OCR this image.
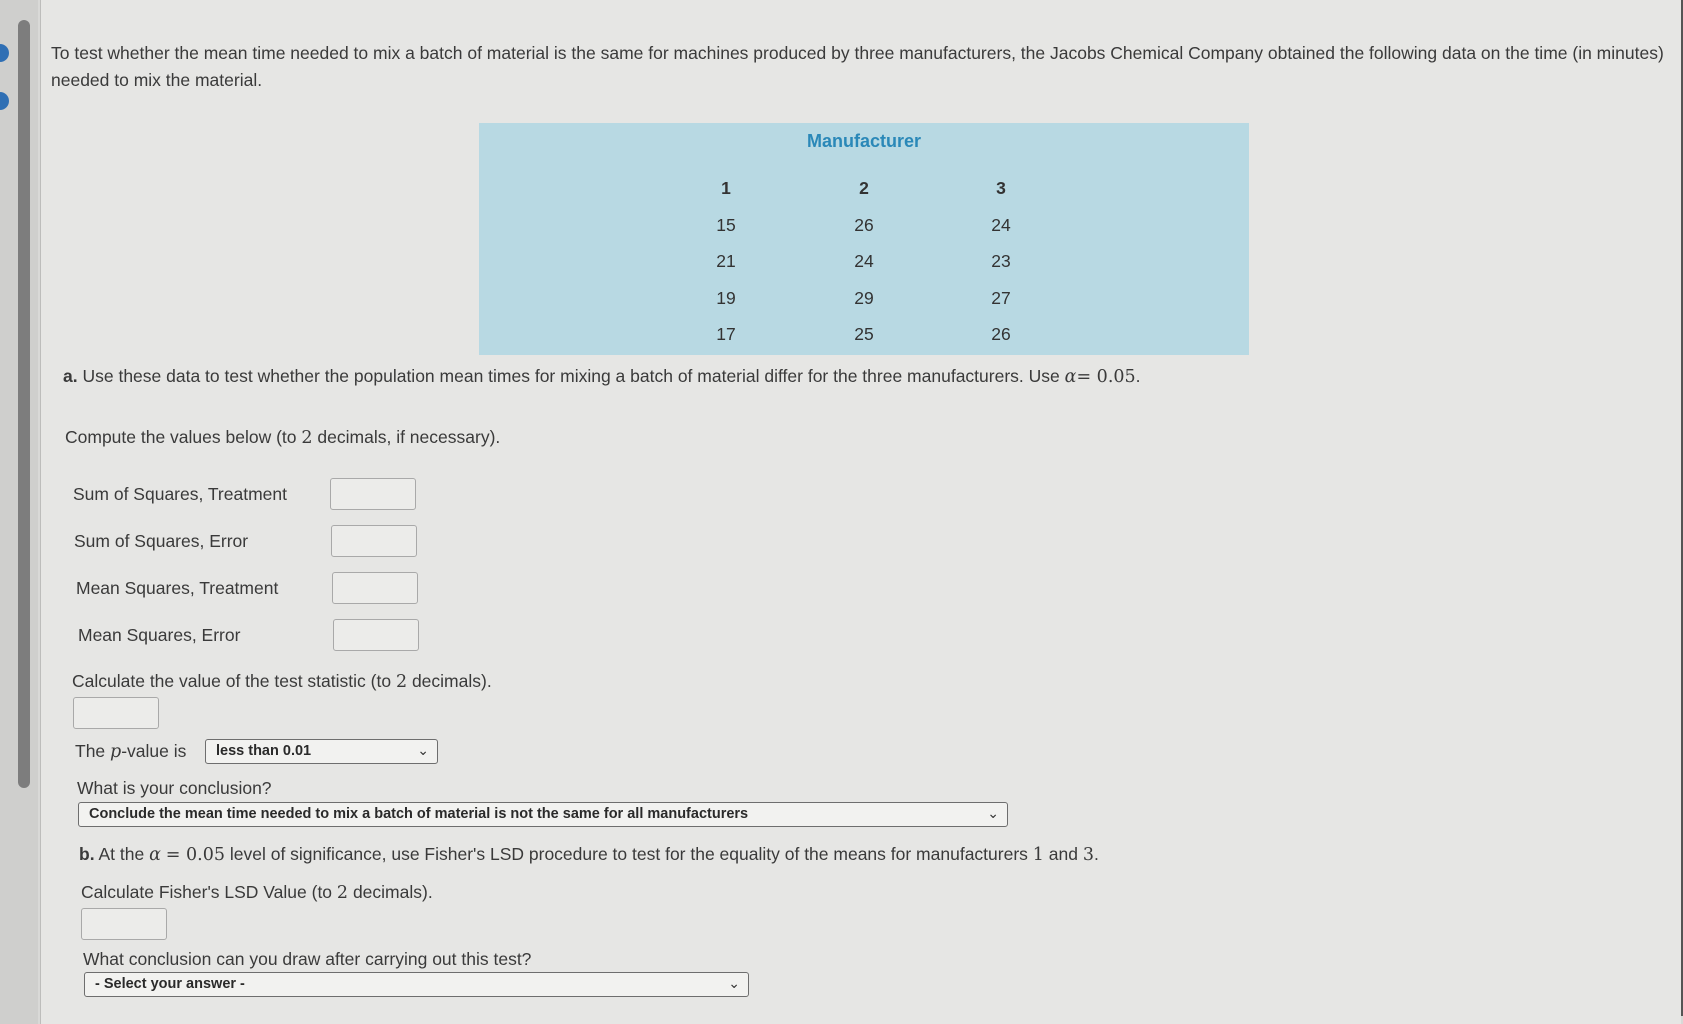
To test whether the mean time needed to mix a batch of material is the same for machines produced by three manufacturers, the Jacobs Chemical Company obtained the following data on the time (in minutes) needed to mix the material.
Manufacturer
1	2	3
15	26	24
21	24	23
19	29	27
17	25	26
a. Use these data to test whether the population mean times for mixing a batch of material differ for the three manufacturers. Use α= 0.05.
Compute the values below (to 2 decimals, if necessary).
Sum of Squares, Treatment
Sum of Squares, Error
Mean Squares, Treatment
Mean Squares, Error
Calculate the value of the test statistic (to 2 decimals).
The p-value is	less than 0.01	⌄
What is your conclusion?
Conclude the mean time needed to mix a batch of material is not the same for all manufacturers	⌄
b. At the α = 0.05 level of significance, use Fisher's LSD procedure to test for the equality of the means for manufacturers 1 and 3.
Calculate Fisher's LSD Value (to 2 decimals).
What conclusion can you draw after carrying out this test?
- Select your answer -	⌄
